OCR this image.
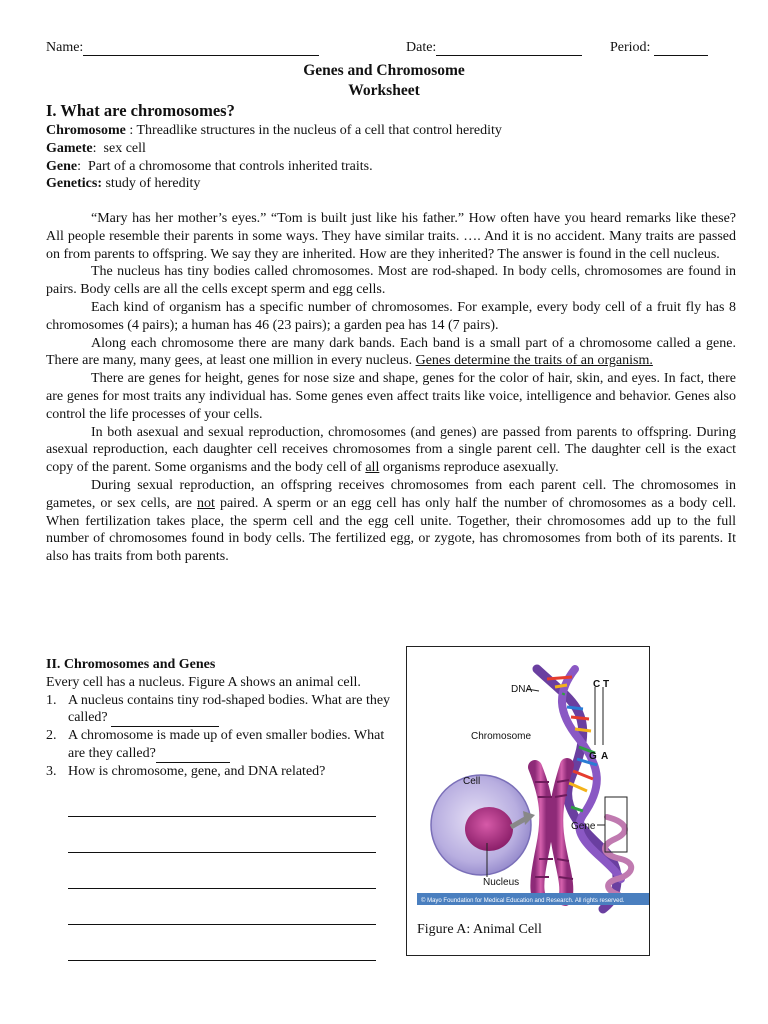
Name:	Date:	Period:
Genes and Chromosome
Worksheet
I. What are chromosomes?
Chromosome : Threadlike structures in the nucleus of a cell that control heredity
Gamete:  sex cell
Gene:  Part of a chromosome that controls inherited traits.
Genetics: study of heredity

“Mary has her mother’s eyes.” “Tom is built just like his father.” How often have you heard remarks like these? All people resemble their parents in some ways. They have similar traits. …. And it is no accident. Many traits are passed on from parents to offspring. We say they are inherited. How are they inherited? The answer is found in the cell nucleus.

The nucleus has tiny bodies called chromosomes. Most are rod-shaped. In body cells, chromosomes are found in pairs. Body cells are all the cells except sperm and egg cells.

Each kind of organism has a specific number of chromosomes. For example, every body cell of a fruit fly has 8 chromosomes (4 pairs); a human has 46 (23 pairs); a garden pea has 14 (7 pairs).

Along each chromosome there are many dark bands. Each band is a small part of a chromosome called a gene. There are many, many gees, at least one million in every nucleus. Genes determine the traits of an organism.

There are genes for height, genes for nose size and shape, genes for the color of hair, skin, and eyes. In fact, there are genes for most traits any individual has. Some genes even affect traits like voice, intelligence and behavior. Genes also control the life processes of your cells.

In both asexual and sexual reproduction, chromosomes (and genes) are passed from parents to offspring. During asexual reproduction, each daughter cell receives chromosomes from a single parent cell. The daughter cell is the exact copy of the parent. Some organisms and the body cell of all organisms reproduce asexually.

During sexual reproduction, an offspring receives chromosomes from each parent cell. The chromosomes in gametes, or sex cells, are not paired. A sperm or an egg cell has only half the number of chromosomes as a body cell. When fertilization takes place, the sperm cell and the egg cell unite. Together, their chromosomes add up to the full number of chromosomes found in body cells. The fertilized egg, or zygote, has chromosomes from both of its parents. It also has traits from both parents.

II. Chromosomes and Genes
Every cell has a nucleus. Figure A shows an animal cell.
1. A nucleus contains tiny rod-shaped bodies. What are they called?
2. A chromosome is made up of even smaller bodies. What are they called?
3. How is chromosome, gene, and DNA related?
DNA	C T
G A
Chromosome
Cell
Gene
Nucleus
© Mayo Foundation for Medical Education and Research. All rights reserved.
Figure A: Animal Cell
